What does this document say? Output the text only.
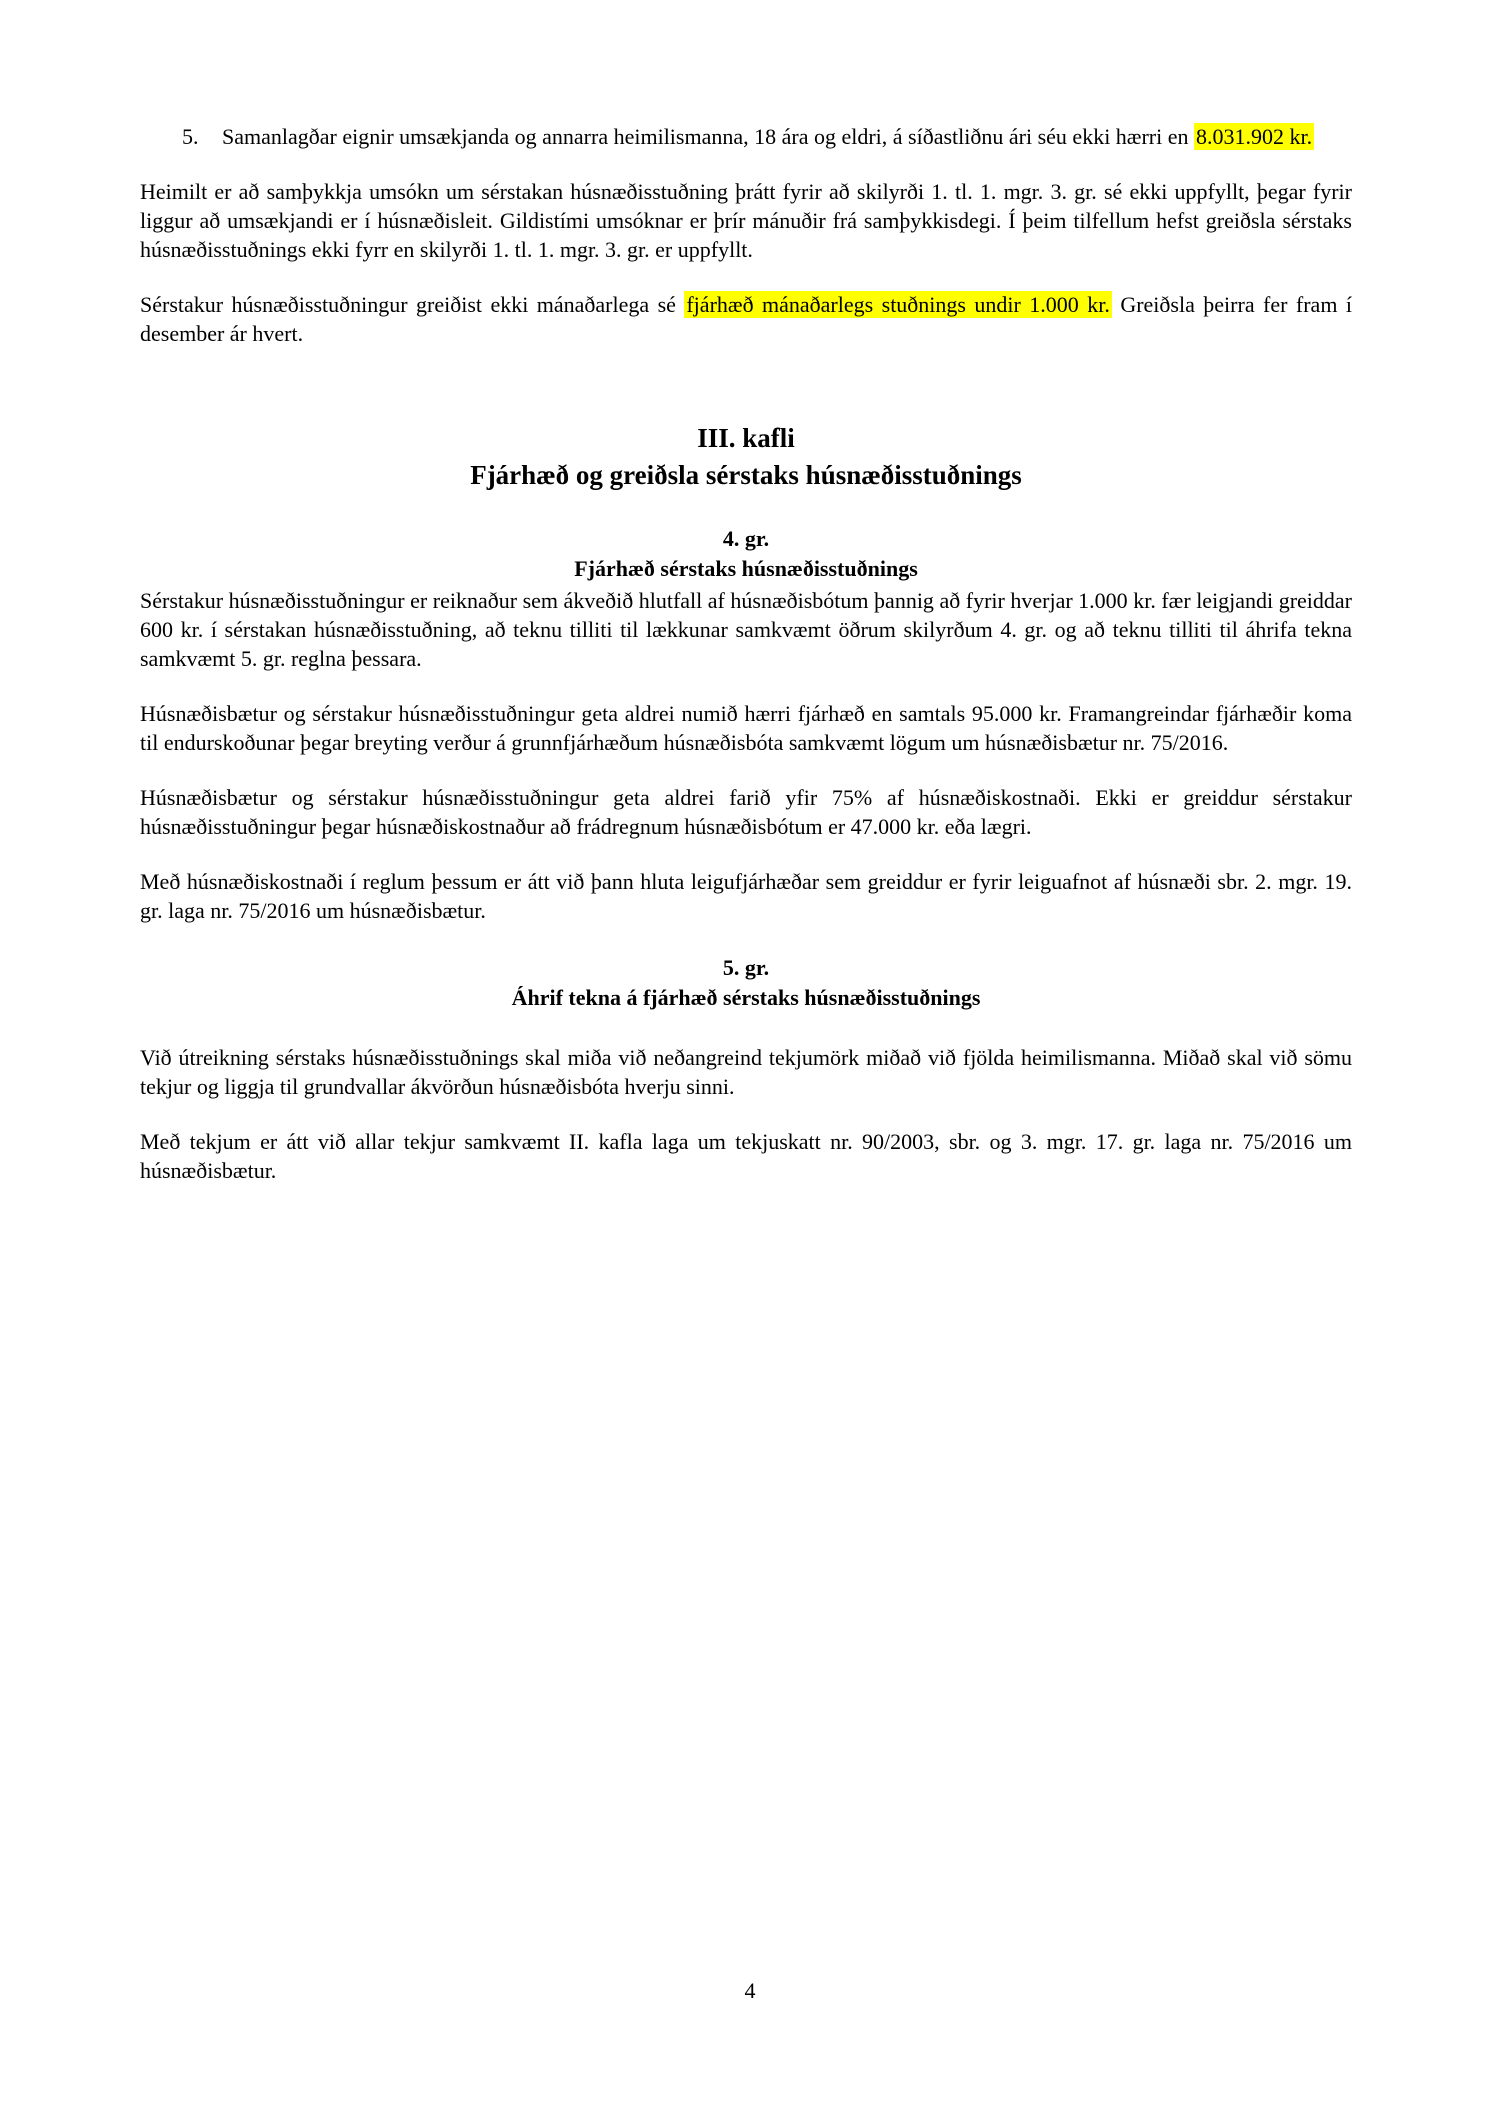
5.	Samanlagðar eignir umsækjanda og annarra heimilismanna, 18 ára og eldri, á síðastliðnu ári séu ekki hærri en 8.031.902 kr.

Heimilt er að samþykkja umsókn um sérstakan húsnæðisstuðning þrátt fyrir að skilyrði 1. tl. 1. mgr. 3. gr. sé ekki uppfyllt, þegar fyrir liggur að umsækjandi er í húsnæðisleit. Gildistími umsóknar er þrír mánuðir frá samþykkisdegi. Í þeim tilfellum hefst greiðsla sérstaks húsnæðisstuðnings ekki fyrr en skilyrði 1. tl. 1. mgr. 3. gr. er uppfyllt.

Sérstakur húsnæðisstuðningur greiðist ekki mánaðarlega sé fjárhæð mánaðarlegs stuðnings undir 1.000 kr. Greiðsla þeirra fer fram í desember ár hvert.

III. kafli
Fjárhæð og greiðsla sérstaks húsnæðisstuðnings
4. gr.
Fjárhæð sérstaks húsnæðisstuðnings

Sérstakur húsnæðisstuðningur er reiknaður sem ákveðið hlutfall af húsnæðisbótum þannig að fyrir hverjar 1.000 kr. fær leigjandi greiddar 600 kr. í sérstakan húsnæðisstuðning, að teknu tilliti til lækkunar samkvæmt öðrum skilyrðum 4. gr. og að teknu tilliti til áhrifa tekna samkvæmt 5. gr. reglna þessara.

Húsnæðisbætur og sérstakur húsnæðisstuðningur geta aldrei numið hærri fjárhæð en samtals 95.000 kr. Framangreindar fjárhæðir koma til endurskoðunar þegar breyting verður á grunnfjárhæðum húsnæðisbóta samkvæmt lögum um húsnæðisbætur nr. 75/2016.

Húsnæðisbætur og sérstakur húsnæðisstuðningur geta aldrei farið yfir 75% af húsnæðiskostnaði. Ekki er greiddur sérstakur húsnæðisstuðningur þegar húsnæðiskostnaður að frádregnum húsnæðisbótum er 47.000 kr. eða lægri.

Með húsnæðiskostnaði í reglum þessum er átt við þann hluta leigufjárhæðar sem greiddur er fyrir leiguafnot af húsnæði sbr. 2. mgr. 19. gr. laga nr. 75/2016 um húsnæðisbætur.

5. gr.
Áhrif tekna á fjárhæð sérstaks húsnæðisstuðnings

Við útreikning sérstaks húsnæðisstuðnings skal miða við neðangreind tekjumörk miðað við fjölda heimilismanna. Miðað skal við sömu tekjur og liggja til grundvallar ákvörðun húsnæðisbóta hverju sinni.

Með tekjum er átt við allar tekjur samkvæmt II. kafla laga um tekjuskatt nr. 90/2003, sbr. og 3. mgr. 17. gr. laga nr. 75/2016 um húsnæðisbætur.

4
